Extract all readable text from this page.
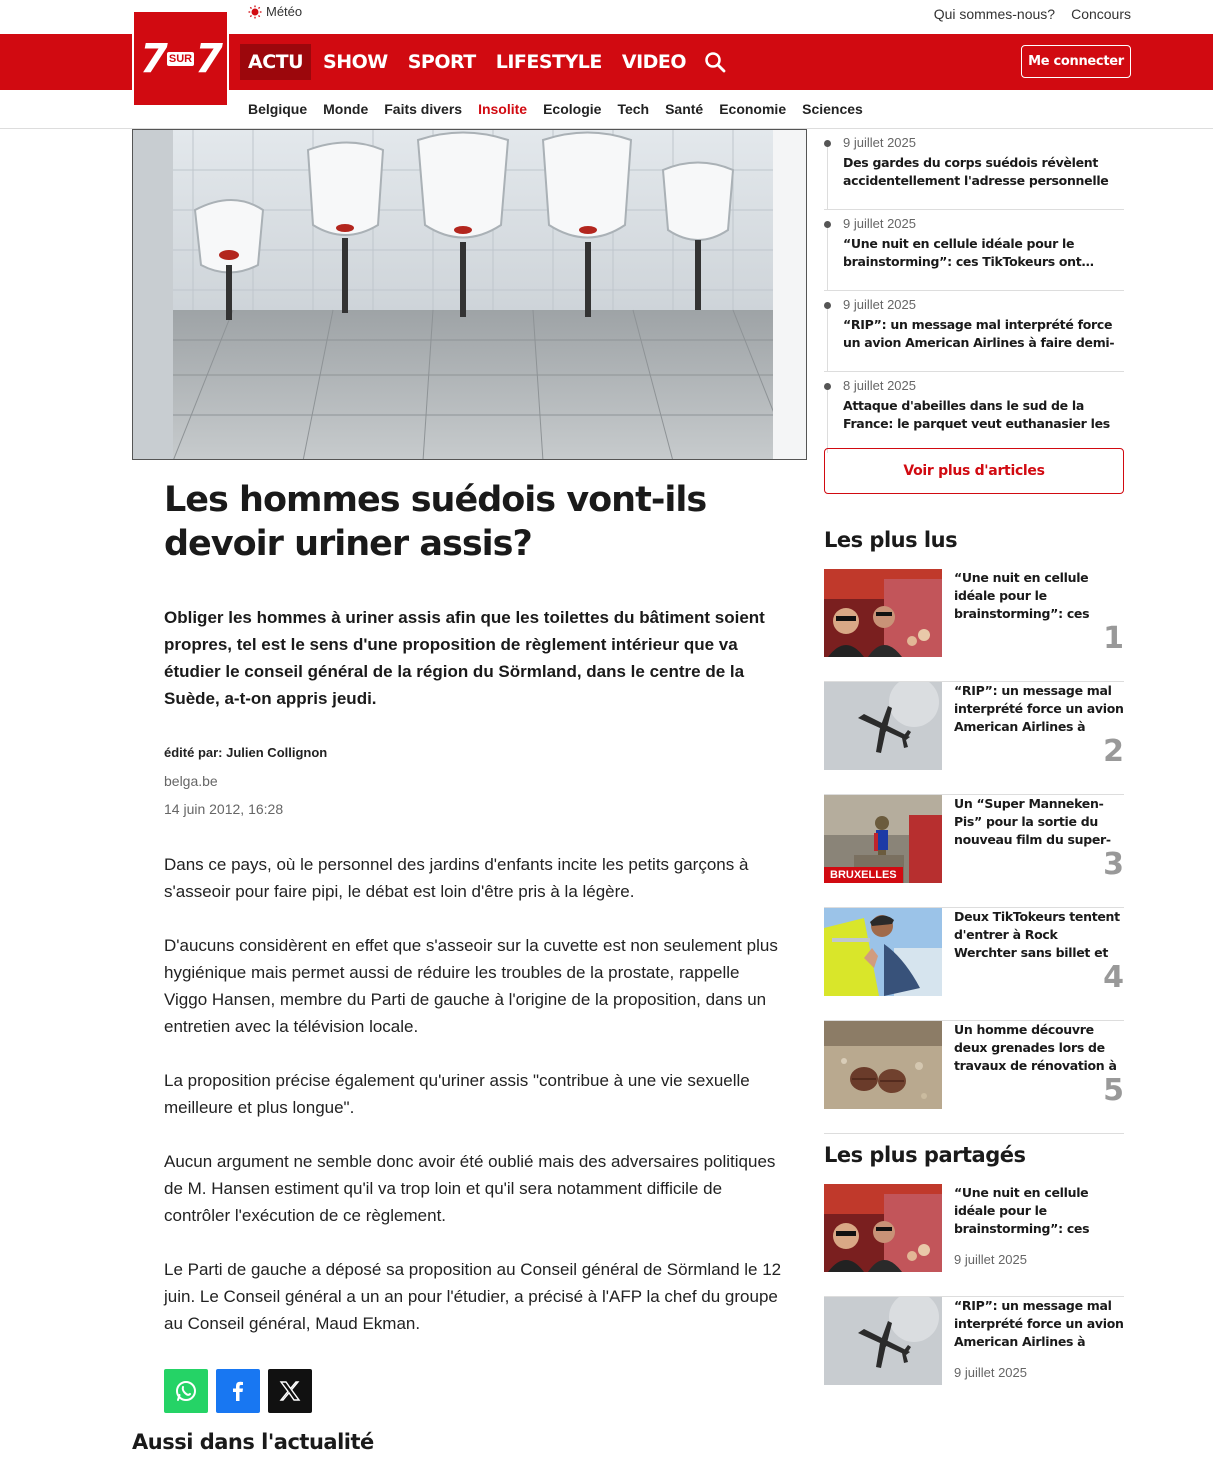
Météo	Qui sommes-nous? Concours
7 SUR 7	ACTU	SHOW	SPORT	LIFESTYLE	VIDEO	Me connecter
Belgique Monde Faits divers Insolite Ecologie Tech Santé Economie Sciences
Les hommes suédois vont-ils devoir uriner assis?

Obliger les hommes à uriner assis afin que les toilettes du bâtiment soient propres, tel est le sens d'une proposition de règlement intérieur que va étudier le conseil général de la région du Sörmland, dans le centre de la Suède, a-t-on appris jeudi.

édité par: Julien Collignon
belga.be
14 juin 2012, 16:28

Dans ce pays, où le personnel des jardins d'enfants incite les petits garçons à s'asseoir pour faire pipi, le débat est loin d'être pris à la légère.

D'aucuns considèrent en effet que s'asseoir sur la cuvette est non seulement plus hygiénique mais permet aussi de réduire les troubles de la prostate, rappelle Viggo Hansen, membre du Parti de gauche à l'origine de la proposition, dans un entretien avec la télévision locale.

La proposition précise également qu'uriner assis "contribue à une vie sexuelle meilleure et plus longue".

Aucun argument ne semble donc avoir été oublié mais des adversaires politiques de M. Hansen estiment qu'il va trop loin et qu'il sera notamment difficile de contrôler l'exécution de ce règlement.

Le Parti de gauche a déposé sa proposition au Conseil général de Sörmland le 12 juin. Le Conseil général a un an pour l'étudier, a précisé à l'AFP la chef du groupe au Conseil général, Maud Ekman.

Aussi dans l'actualité
9 juillet 2025
Des gardes du corps suédois révèlent accidentellement l'adresse personnelle
9 juillet 2025
“Une nuit en cellule idéale pour le brainstorming”: ces TikTokeurs ont…
9 juillet 2025
“RIP”: un message mal interprété force un avion American Airlines à faire demi-
8 juillet 2025
Attaque d'abeilles dans le sud de la France: le parquet veut euthanasier les
Voir plus d'articles
Les plus lus
“Une nuit en cellule idéale pour le brainstorming”: ces
1
“RIP”: un message mal interprété force un avion American Airlines à
2
BRUXELLES
Un “Super Manneken-Pis” pour la sortie du nouveau film du super-
3
Deux TikTokeurs tentent d'entrer à Rock Werchter sans billet et
4
Un homme découvre deux grenades lors de travaux de rénovation à
5
Les plus partagés
“Une nuit en cellule idéale pour le brainstorming”: ces
9 juillet 2025
“RIP”: un message mal interprété force un avion American Airlines à
9 juillet 2025
